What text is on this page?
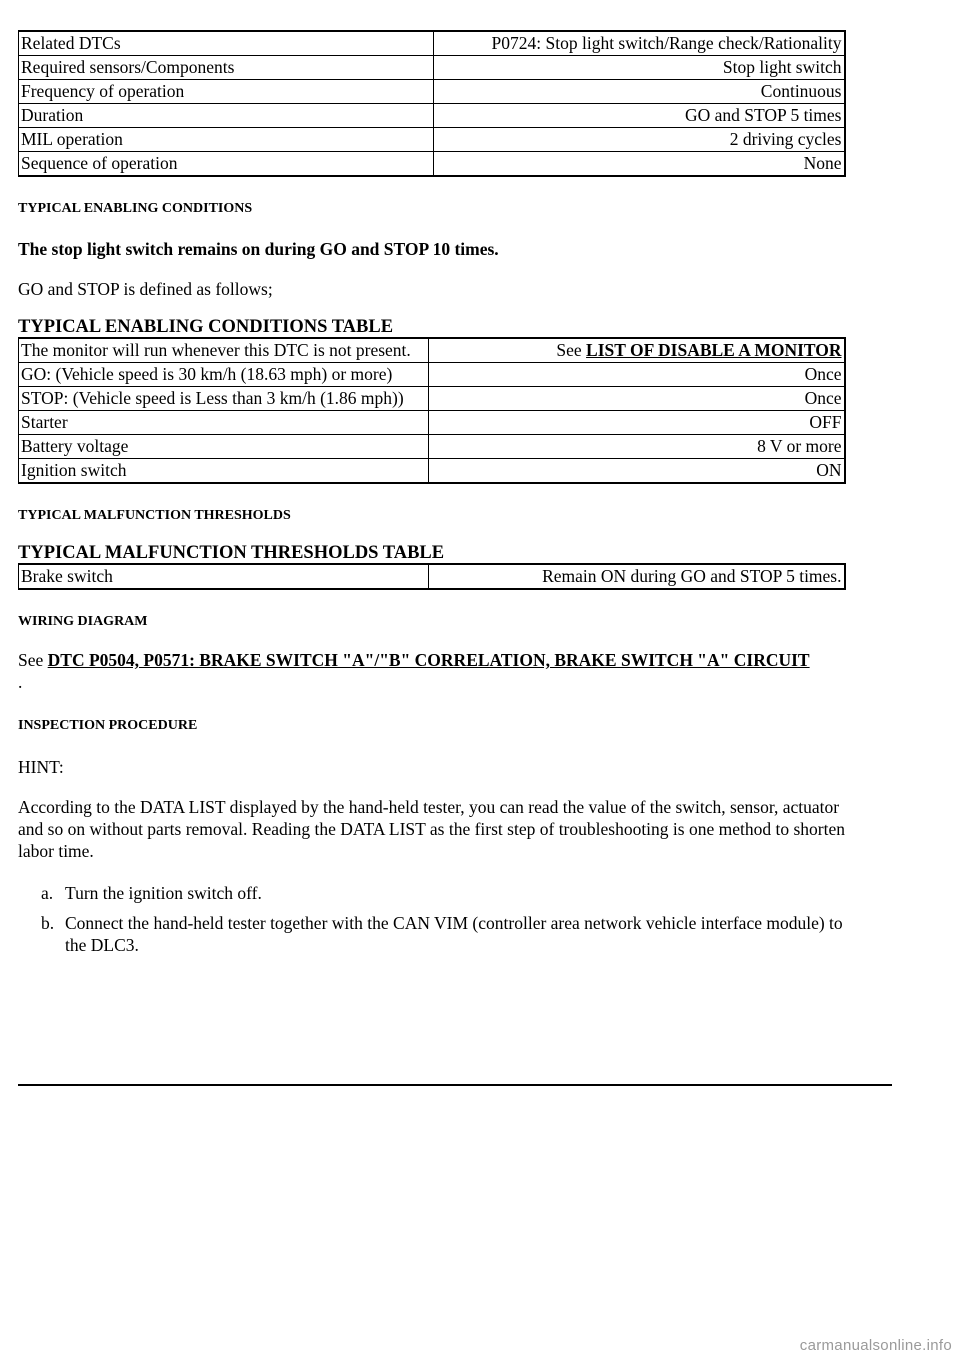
Related DTCs	P0724: Stop light switch/Range check/Rationality
Required sensors/Components	Stop light switch
Frequency of operation	Continuous
Duration	GO and STOP 5 times
MIL operation	2 driving cycles
Sequence of operation	None

TYPICAL ENABLING CONDITIONS

The stop light switch remains on during GO and STOP 10 times.

GO and STOP is defined as follows;

TYPICAL ENABLING CONDITIONS TABLE

The monitor will run whenever this DTC is not present.	See LIST OF DISABLE A MONITOR
GO: (Vehicle speed is 30 km/h (18.63 mph) or more)	Once
STOP: (Vehicle speed is Less than 3 km/h (1.86 mph))	Once
Starter	OFF
Battery voltage	8 V or more
Ignition switch	ON

TYPICAL MALFUNCTION THRESHOLDS

TYPICAL MALFUNCTION THRESHOLDS TABLE

Brake switch	Remain ON during GO and STOP 5 times.

WIRING DIAGRAM

See DTC P0504, P0571: BRAKE SWITCH "A"/"B" CORRELATION, BRAKE SWITCH "A" CIRCUIT .

INSPECTION PROCEDURE

HINT:

According to the DATA LIST displayed by the hand-held tester, you can read the value of the switch, sensor, actuator and so on without parts removal. Reading the DATA LIST as the first step of troubleshooting is one method to shorten labor time.

a. Turn the ignition switch off.
b. Connect the hand-held tester together with the CAN VIM (controller area network vehicle interface module) to the DLC3.
carmanualsonline.info
